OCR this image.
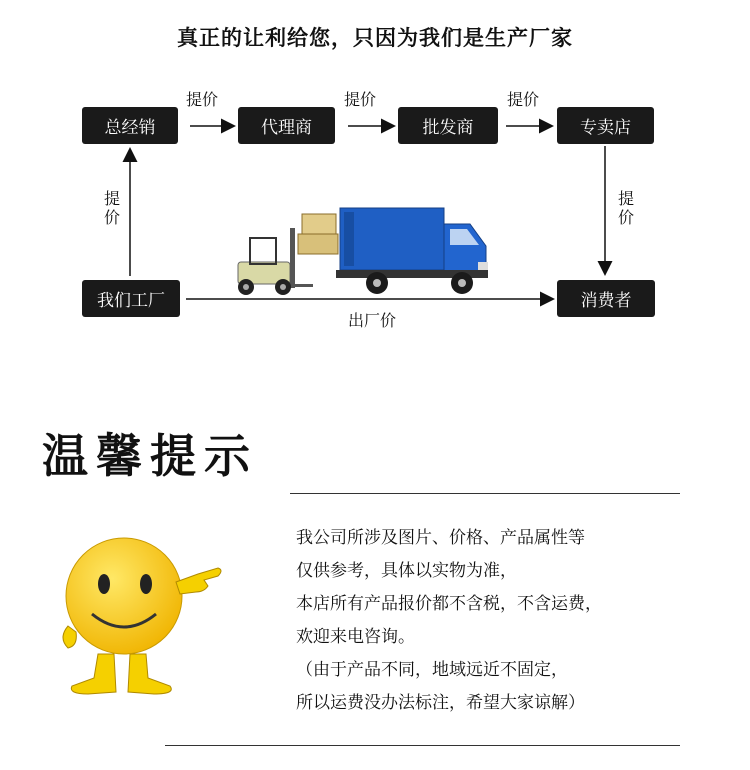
真正的让利给您，只因为我们是生产厂家
总经销	代理商	批发商	专卖店
我们工厂	消费者
提价	提价	提价
提
价
提
价
出厂价
温馨提示
我公司所涉及图片、价格、产品属性等
仅供参考，具体以实物为准，
本店所有产品报价都不含税，不含运费，
欢迎来电咨询。
（由于产品不同，地域远近不固定，
所以运费没办法标注，希望大家谅解）
